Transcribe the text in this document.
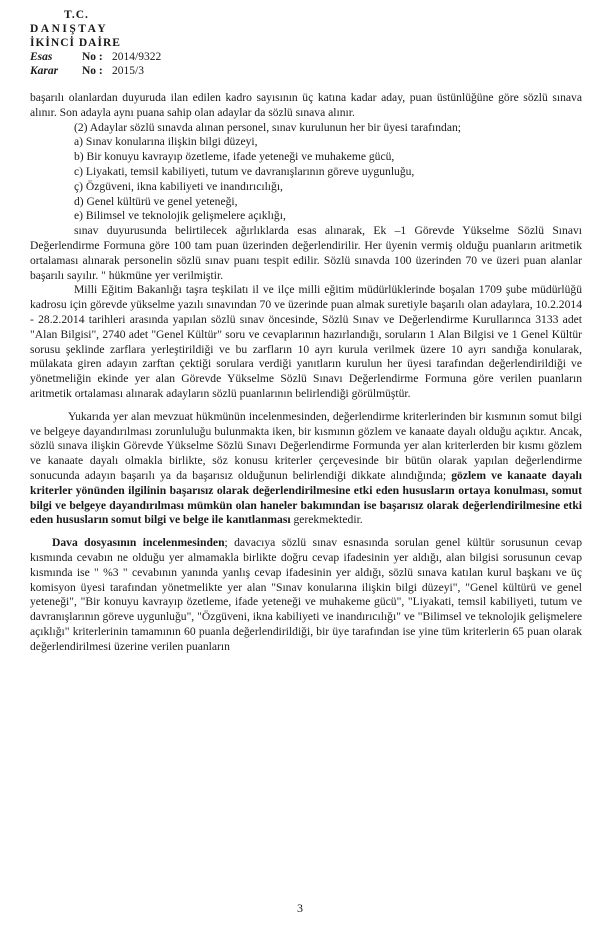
T.C.
DANIŞTAY
İKİNCİ DAİRE
Esas	No : 2014/9322
Karar	No : 2015/3

başarılı olanlardan duyuruda ilan edilen kadro sayısının üç katına kadar aday, puan üstünlüğüne göre sözlü sınava alınır. Son adayla aynı puana sahip olan adaylar da sözlü sınava alınır.

(2) Adaylar sözlü sınavda alınan personel, sınav kurulunun her bir üyesi tarafından;

a) Sınav konularına ilişkin bilgi düzeyi,

b) Bir konuyu kavrayıp özetleme, ifade yeteneği ve muhakeme gücü,

c) Liyakati, temsil kabiliyeti, tutum ve davranışlarının göreve uygunluğu,

ç) Özgüveni, ikna kabiliyeti ve inandırıcılığı,

d) Genel kültürü ve genel yeteneği,

e) Bilimsel ve teknolojik gelişmelere açıklığı,

sınav duyurusunda belirtilecek ağırlıklarda esas alınarak, Ek –1 Görevde Yükselme Sözlü Sınavı Değerlendirme Formuna göre 100 tam puan üzerinden değerlendirilir. Her üyenin vermiş olduğu puanların aritmetik ortalaması alınarak personelin sözlü sınav puanı tespit edilir. Sözlü sınavda 100 üzerinden 70 ve üzeri puan alanlar başarılı sayılır. " hükmüne yer verilmiştir.

Milli Eğitim Bakanlığı taşra teşkilatı il ve ilçe milli eğitim müdürlüklerinde boşalan 1709 şube müdürlüğü kadrosu için görevde yükselme yazılı sınavından 70 ve üzerinde puan almak suretiyle başarılı olan adaylara, 10.2.2014 - 28.2.2014 tarihleri arasında yapılan sözlü sınav öncesinde, Sözlü Sınav ve Değerlendirme Kurullarınca 3133 adet "Alan Bilgisi", 2740 adet "Genel Kültür" soru ve cevaplarının hazırlandığı, soruların 1 Alan Bilgisi ve 1 Genel Kültür sorusu şeklinde zarflara yerleştirildiği ve bu zarfların 10 ayrı kurula verilmek üzere 10 ayrı sandığa konularak, mülakata giren adayın zarftan çektiği sorulara verdiği yanıtların kurulun her üyesi tarafından değerlendirildiği ve yönetmeliğin ekinde yer alan Görevde Yükselme Sözlü Sınavı Değerlendirme Formuna göre verilen puanların aritmetik ortalaması alınarak adayların sözlü puanlarının belirlendiği görülmüştür.

Yukarıda yer alan mevzuat hükmünün incelenmesinden, değerlendirme kriterlerinden bir kısmının somut bilgi ve belgeye dayandırılması zorunluluğu bulunmakta iken, bir kısmının gözlem ve kanaate dayalı olduğu açıktır. Ancak, sözlü sınava ilişkin Görevde Yükselme Sözlü Sınavı Değerlendirme Formunda yer alan kriterlerden bir kısmı gözlem ve kanaate dayalı olmakla birlikte, söz konusu kriterler çerçevesinde bir bütün olarak yapılan değerlendirme sonucunda adayın başarılı ya da başarısız olduğunun belirlendiği dikkate alındığında; gözlem ve kanaate dayalı kriterler yönünden ilgilinin başarısız olarak değerlendirilmesine etki eden hususların ortaya konulması, somut bilgi ve belgeye dayandırılması mümkün olan haneler bakımından ise başarısız olarak değerlendirilmesine etki eden hususların somut bilgi ve belge ile kanıtlanması gerekmektedir.

Dava dosyasının incelenmesinden; davacıya sözlü sınav esnasında sorulan genel kültür sorusunun cevap kısmında cevabın ne olduğu yer almamakla birlikte doğru cevap ifadesinin yer aldığı, alan bilgisi sorusunun cevap kısmında ise " %3 " cevabının yanında yanlış cevap ifadesinin yer aldığı, sözlü sınava katılan kurul başkanı ve üç komisyon üyesi tarafından yönetmelikte yer alan "Sınav konularına ilişkin bilgi düzeyi", "Genel kültürü ve genel yeteneği", "Bir konuyu kavrayıp özetleme, ifade yeteneği ve muhakeme gücü", "Liyakati, temsil kabiliyeti, tutum ve davranışlarının göreve uygunluğu", "Özgüveni, ikna kabiliyeti ve inandırıcılığı" ve "Bilimsel ve teknolojik gelişmelere açıklığı" kriterlerinin tamamının 60 puanla değerlendirildiği, bir üye tarafından ise yine tüm kriterlerin 65 puan olarak değerlendirilmesi üzerine verilen puanların

3
